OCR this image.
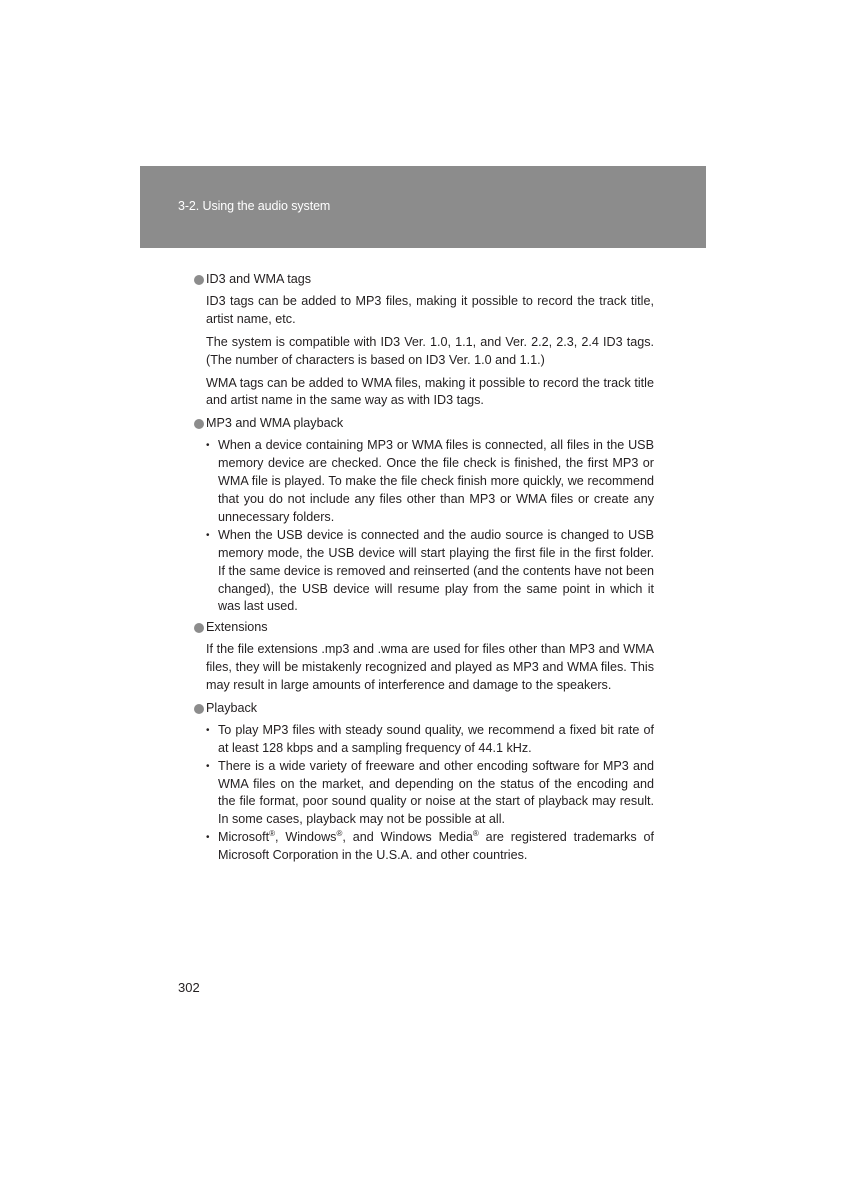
3-2. Using the audio system
ID3 and WMA tags

ID3 tags can be added to MP3 files, making it possible to record the track title, artist name, etc.

The system is compatible with ID3 Ver. 1.0, 1.1, and Ver. 2.2, 2.3, 2.4 ID3 tags. (The number of characters is based on ID3 Ver. 1.0 and 1.1.)

WMA tags can be added to WMA files, making it possible to record the track title and artist name in the same way as with ID3 tags.

MP3 and WMA playback
• When a device containing MP3 or WMA files is connected, all files in the USB memory device are checked. Once the file check is finished, the first MP3 or WMA file is played. To make the file check finish more quickly, we recommend that you do not include any files other than MP3 or WMA files or create any unnecessary folders.
• When the USB device is connected and the audio source is changed to USB memory mode, the USB device will start playing the first file in the first folder. If the same device is removed and reinserted (and the contents have not been changed), the USB device will resume play from the same point in which it was last used.
Extensions

If the file extensions .mp3 and .wma are used for files other than MP3 and WMA files, they will be mistakenly recognized and played as MP3 and WMA files. This may result in large amounts of interference and damage to the speakers.

Playback
• To play MP3 files with steady sound quality, we recommend a fixed bit rate of at least 128 kbps and a sampling frequency of 44.1 kHz.
• There is a wide variety of freeware and other encoding software for MP3 and WMA files on the market, and depending on the status of the encoding and the file format, poor sound quality or noise at the start of playback may result. In some cases, playback may not be possible at all.
• Microsoft®, Windows®, and Windows Media® are registered trademarks of Microsoft Corporation in the U.S.A. and other countries.
302
